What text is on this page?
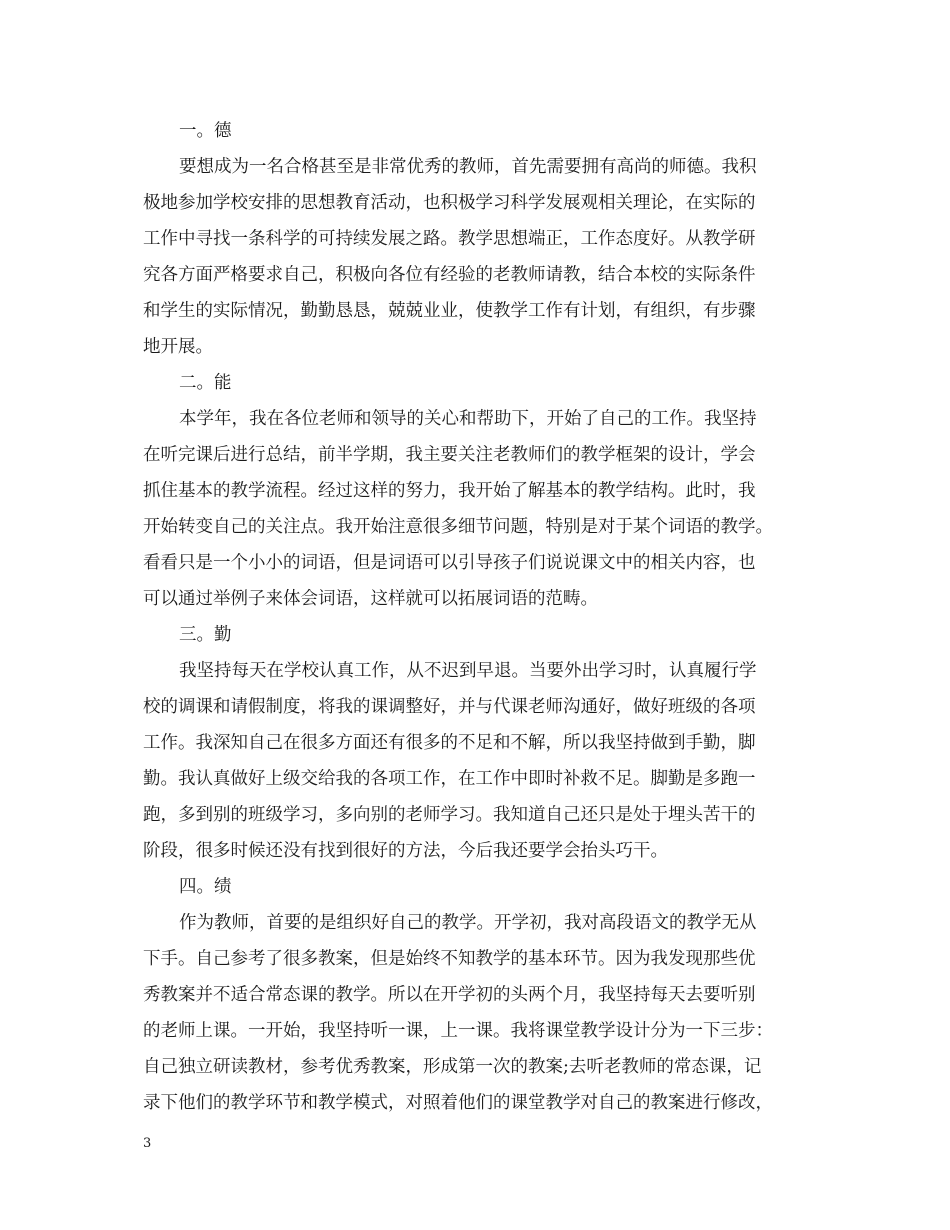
一。德
要想成为一名合格甚至是非常优秀的教师，首先需要拥有高尚的师德。我积
极地参加学校安排的思想教育活动，也积极学习科学发展观相关理论，在实际的
工作中寻找一条科学的可持续发展之路。教学思想端正，工作态度好。从教学研
究各方面严格要求自己，积极向各位有经验的老教师请教，结合本校的实际条件
和学生的实际情况，勤勤恳恳，兢兢业业，使教学工作有计划，有组织，有步骤
地开展。
二。能
本学年，我在各位老师和领导的关心和帮助下，开始了自己的工作。我坚持
在听完课后进行总结，前半学期，我主要关注老教师们的教学框架的设计，学会
抓住基本的教学流程。经过这样的努力，我开始了解基本的教学结构。此时，我
开始转变自己的关注点。我开始注意很多细节问题，特别是对于某个词语的教学。
看看只是一个小小的词语，但是词语可以引导孩子们说说课文中的相关内容，也
可以通过举例子来体会词语，这样就可以拓展词语的范畴。
三。勤
我坚持每天在学校认真工作，从不迟到早退。当要外出学习时，认真履行学
校的调课和请假制度，将我的课调整好，并与代课老师沟通好，做好班级的各项
工作。我深知自己在很多方面还有很多的不足和不解，所以我坚持做到手勤，脚
勤。我认真做好上级交给我的各项工作，在工作中即时补救不足。脚勤是多跑一
跑，多到别的班级学习，多向别的老师学习。我知道自己还只是处于埋头苦干的
阶段，很多时候还没有找到很好的方法，今后我还要学会抬头巧干。
四。绩
作为教师，首要的是组织好自己的教学。开学初，我对高段语文的教学无从
下手。自己参考了很多教案，但是始终不知教学的基本环节。因为我发现那些优
秀教案并不适合常态课的教学。所以在开学初的头两个月，我坚持每天去要听别
的老师上课。一开始，我坚持听一课，上一课。我将课堂教学设计分为一下三步：
自己独立研读教材，参考优秀教案，形成第一次的教案;去听老教师的常态课，记
录下他们的教学环节和教学模式，对照着他们的课堂教学对自己的教案进行修改，
3
